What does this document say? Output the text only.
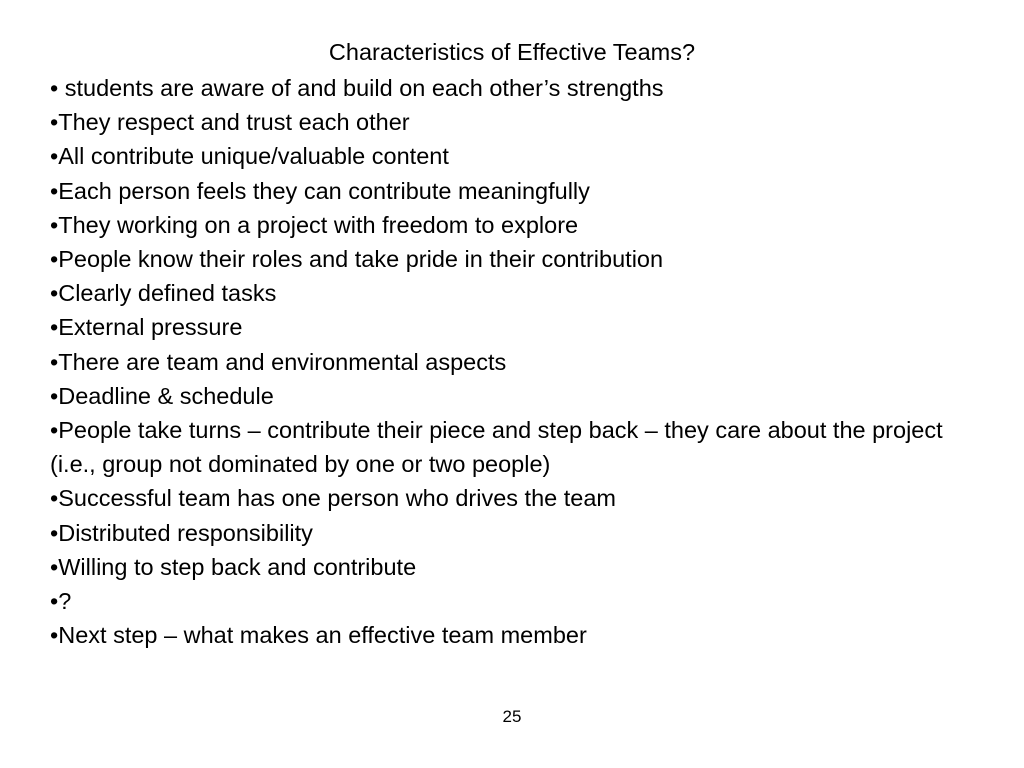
Characteristics of Effective Teams?
• students are aware of and build on each other’s strengths
•They respect and trust each other
•All contribute unique/valuable content
•Each person feels they can contribute meaningfully
•They working on a project with freedom to explore
•People know their roles and take pride in their contribution
•Clearly defined tasks
•External pressure
•There are team and environmental aspects
•Deadline & schedule
•People take turns – contribute their piece and step back – they care about the project (i.e., group not dominated by one or two people)
•Successful team has one person who drives the team
•Distributed responsibility
•Willing to step back and contribute
•?
•Next step – what makes an effective team member
25
